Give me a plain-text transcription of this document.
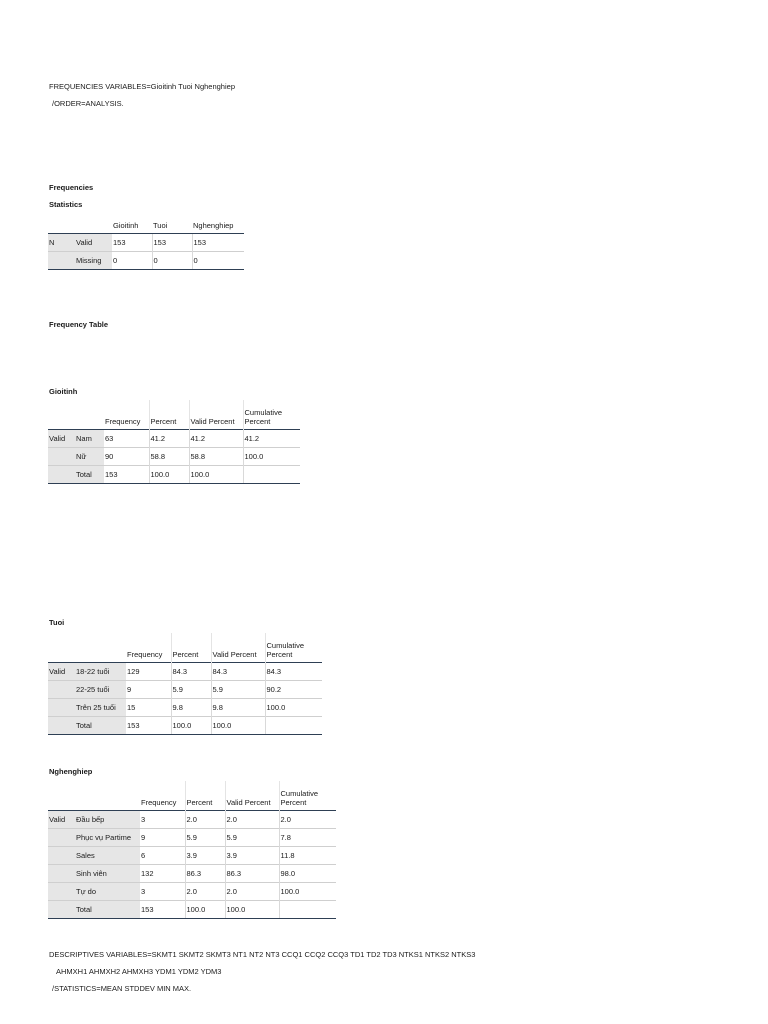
FREQUENCIES VARIABLES=Gioitinh Tuoi Nghenghiep
/ORDER=ANALYSIS.
Frequencies
Statistics
		Gioitinh	Tuoi	Nghenghiep
N	Valid	153	153	153
	Missing	0	0	0
Frequency Table
Gioitinh
		Frequency	Percent	Valid Percent	Cumulative
Percent
Valid	Nam	63	41.2	41.2	41.2
	Nữ	90	58.8	58.8	100.0
	Total	153	100.0	100.0	
Tuoi
		Frequency	Percent	Valid Percent	Cumulative
Percent
Valid	18-22 tuổi	129	84.3	84.3	84.3
	22-25 tuổi	9	5.9	5.9	90.2
	Trên 25 tuổi	15	9.8	9.8	100.0
	Total	153	100.0	100.0	
Nghenghiep
		Frequency	Percent	Valid Percent	Cumulative
Percent
Valid	Đầu bếp	3	2.0	2.0	2.0
	Phục vụ Partime	9	5.9	5.9	7.8
	Sales	6	3.9	3.9	11.8
	Sinh viên	132	86.3	86.3	98.0
	Tự do	3	2.0	2.0	100.0
	Total	153	100.0	100.0	
DESCRIPTIVES VARIABLES=SKMT1 SKMT2 SKMT3 NT1 NT2 NT3 CCQ1 CCQ2 CCQ3 TD1 TD2 TD3 NTKS1 NTKS2 NTKS3
AHMXH1 AHMXH2 AHMXH3 YDM1 YDM2 YDM3
/STATISTICS=MEAN STDDEV MIN MAX.
